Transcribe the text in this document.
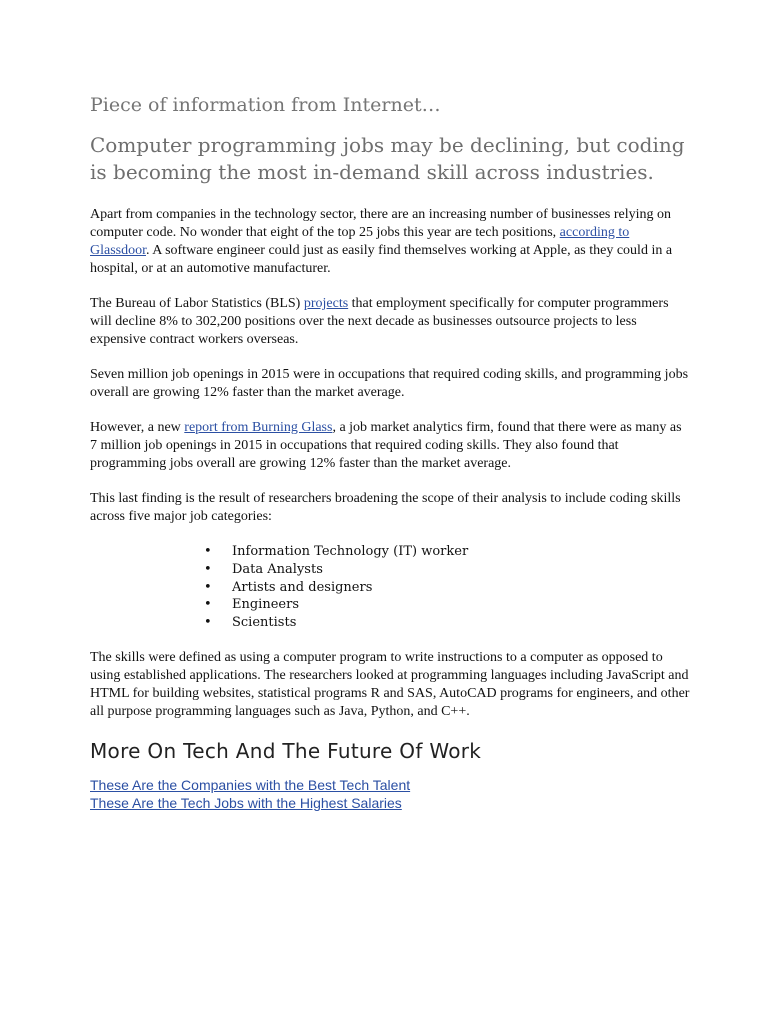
Piece of information from Internet…
Computer programming jobs may be declining, but coding is becoming the most in-demand skill across industries.

Apart from companies in the technology sector, there are an increasing number of businesses relying on computer code. No wonder that eight of the top 25 jobs this year are tech positions, according to Glassdoor. A software engineer could just as easily find themselves working at Apple, as they could in a hospital, or at an automotive manufacturer.

The Bureau of Labor Statistics (BLS) projects that employment specifically for computer programmers will decline 8% to 302,200 positions over the next decade as businesses outsource projects to less expensive contract workers overseas.

Seven million job openings in 2015 were in occupations that required coding skills, and programming jobs overall are growing 12% faster than the market average.

However, a new report from Burning Glass, a job market analytics firm, found that there were as many as 7 million job openings in 2015 in occupations that required coding skills. They also found that programming jobs overall are growing 12% faster than the market average.

This last finding is the result of researchers broadening the scope of their analysis to include coding skills across five major job categories:

• Information Technology (IT) worker
• Data Analysts
• Artists and designers
• Engineers
• Scientists

The skills were defined as using a computer program to write instructions to a computer as opposed to using established applications. The researchers looked at programming languages including JavaScript and HTML for building websites, statistical programs R and SAS, AutoCAD programs for engineers, and other all purpose programming languages such as Java, Python, and C++.

More On Tech And The Future Of Work
These Are the Companies with the Best Tech Talent
These Are the Tech Jobs with the Highest Salaries
